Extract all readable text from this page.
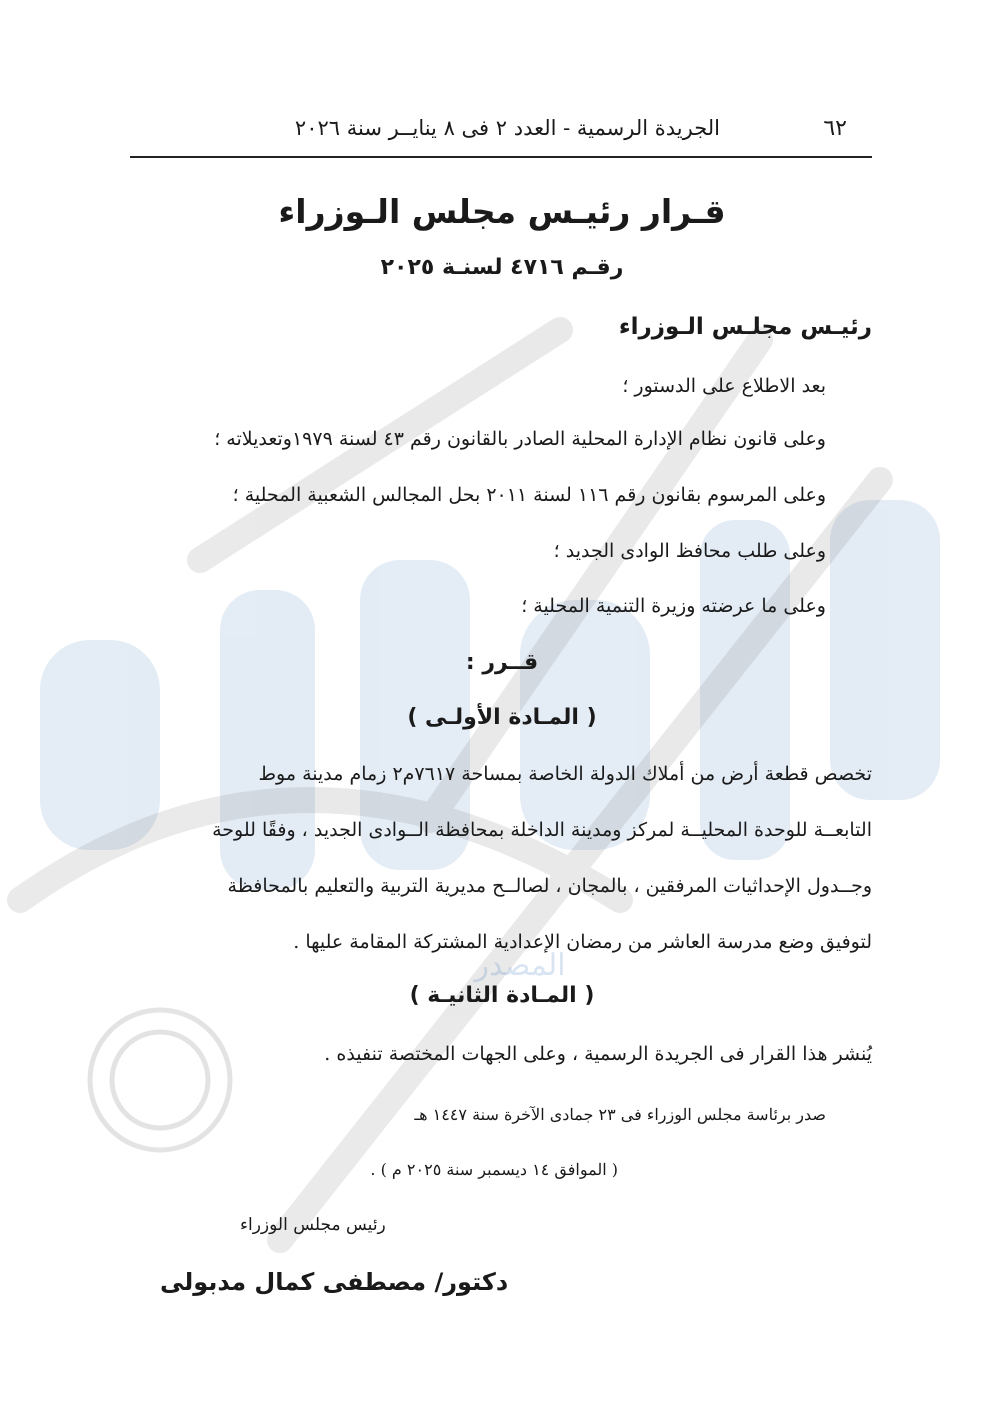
المصدر
٦٢
الجريدة الرسمية - العدد ٢ فى ٨ ينايــر سنة ٢٠٢٦
قـرار رئيـس مجلس الـوزراء
رقـم ٤٧١٦ لسنـة ٢٠٢٥
رئيـس مجلـس الـوزراء
بعد الاطلاع على الدستور ؛
وعلى قانون نظام الإدارة المحلية الصادر بالقانون رقم ٤٣ لسنة ١٩٧٩وتعديلاته ؛
وعلى المرسوم بقانون رقم ١١٦ لسنة ٢٠١١ بحل المجالس الشعبية المحلية ؛
وعلى طلب محافظ الوادى الجديد ؛
وعلى ما عرضته وزيرة التنمية المحلية ؛
قــرر :
( المـادة الأولـى )
تخصص قطعة أرض من أملاك الدولة الخاصة بمساحة ٧٦١٧م٢ زمام مدينة موط
التابعــة للوحدة المحليــة لمركز ومدينة الداخلة بمحافظة الــوادى الجديد ، وفقًا للوحة
وجــدول الإحداثيات المرفقين ، بالمجان ، لصالــح مديرية التربية والتعليم بالمحافظة
لتوفيق وضع مدرسة العاشر من رمضان الإعدادية المشتركة المقامة عليها .
( المـادة الثانيـة )
يُنشر هذا القرار فى الجريدة الرسمية ، وعلى الجهات المختصة تنفيذه .
صدر برئاسة مجلس الوزراء فى ٢٣ جمادى الآخرة سنة ١٤٤٧ هـ
( الموافق ١٤ ديسمبر سنة ٢٠٢٥ م ) .
رئيس مجلس الوزراء
دكتور/ مصطفى كمال مدبولى
